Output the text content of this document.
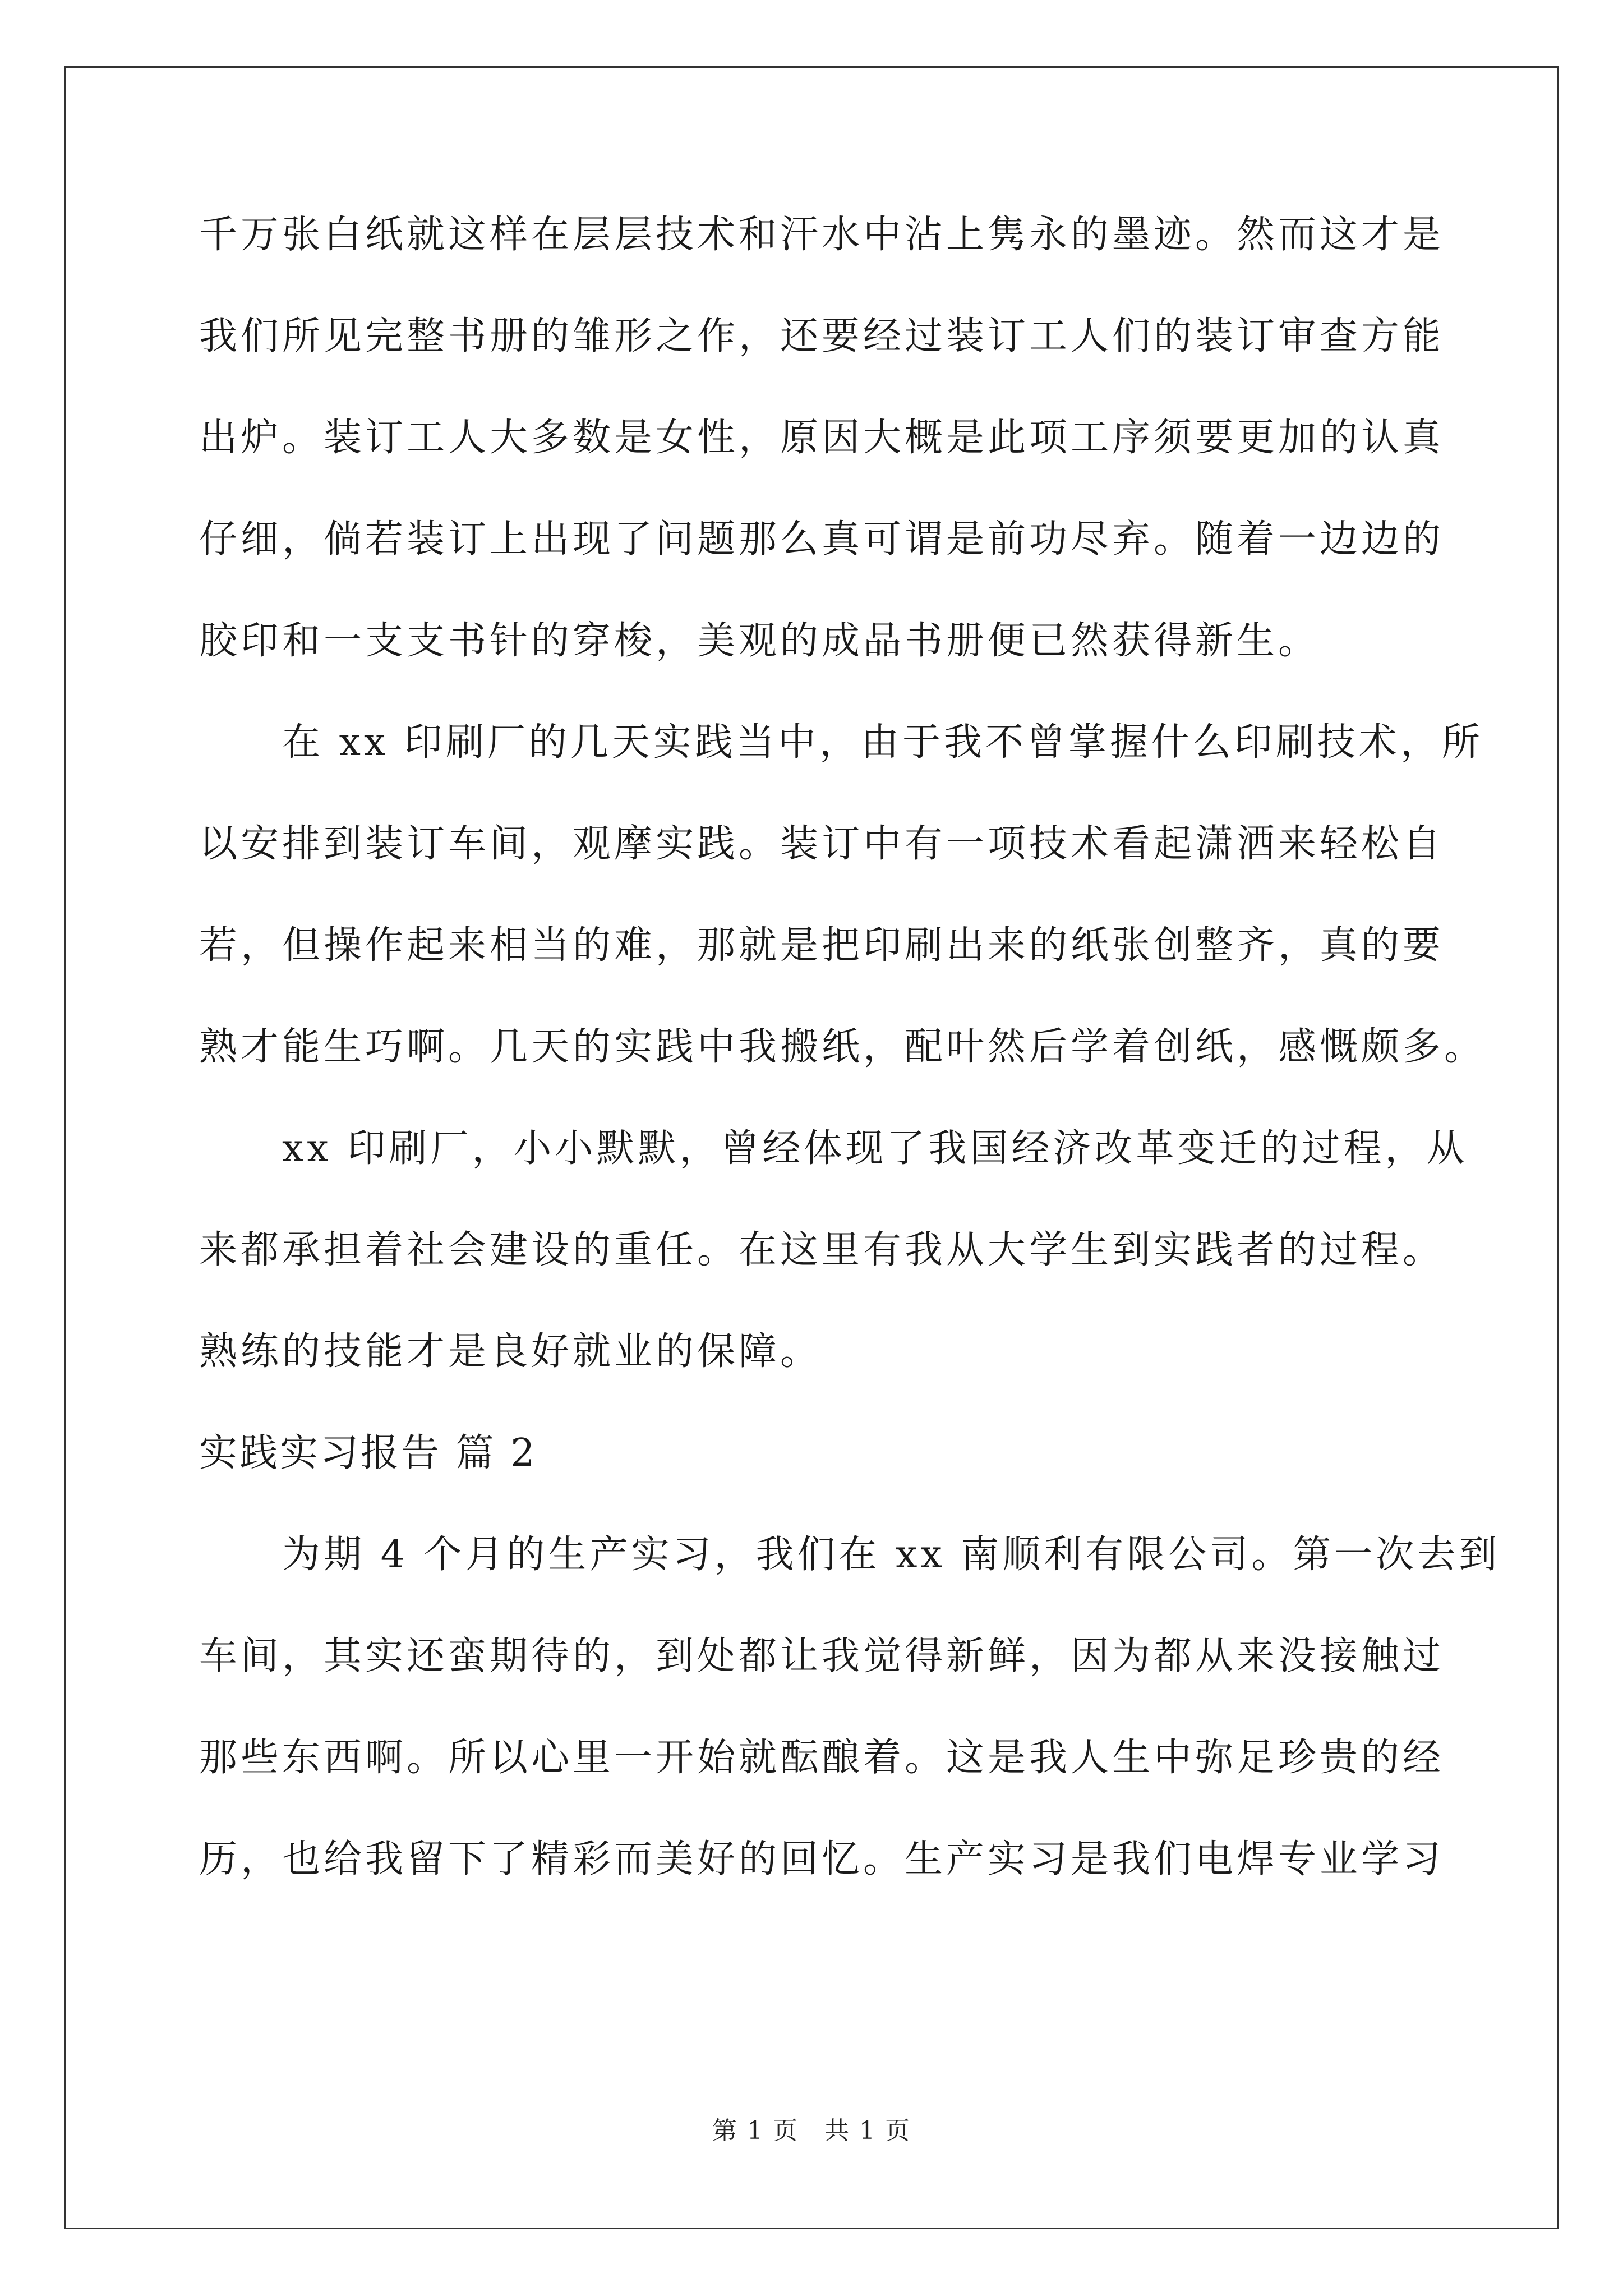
千万张白纸就这样在层层技术和汗水中沾上隽永的墨迹。然而这才是
我们所见完整书册的雏形之作，还要经过装订工人们的装订审查方能
出炉。装订工人大多数是女性，原因大概是此项工序须要更加的认真
仔细，倘若装订上出现了问题那么真可谓是前功尽弃。随着一边边的
胶印和一支支书针的穿梭，美观的成品书册便已然获得新生。
　　在 xx 印刷厂的几天实践当中，由于我不曾掌握什么印刷技术，所
以安排到装订车间，观摩实践。装订中有一项技术看起潇洒来轻松自
若，但操作起来相当的难，那就是把印刷出来的纸张创整齐，真的要
熟才能生巧啊。几天的实践中我搬纸，配叶然后学着创纸，感慨颇多。
　　xx 印刷厂，小小默默，曾经体现了我国经济改革变迁的过程，从
来都承担着社会建设的重任。在这里有我从大学生到实践者的过程。
熟练的技能才是良好就业的保障。
实践实习报告 篇 2
　　为期 4 个月的生产实习，我们在 xx 南顺利有限公司。第一次去到
车间，其实还蛮期待的，到处都让我觉得新鲜，因为都从来没接触过
那些东西啊。所以心里一开始就酝酿着。这是我人生中弥足珍贵的经
历，也给我留下了精彩而美好的回忆。生产实习是我们电焊专业学习
第 1 页　共 1 页
